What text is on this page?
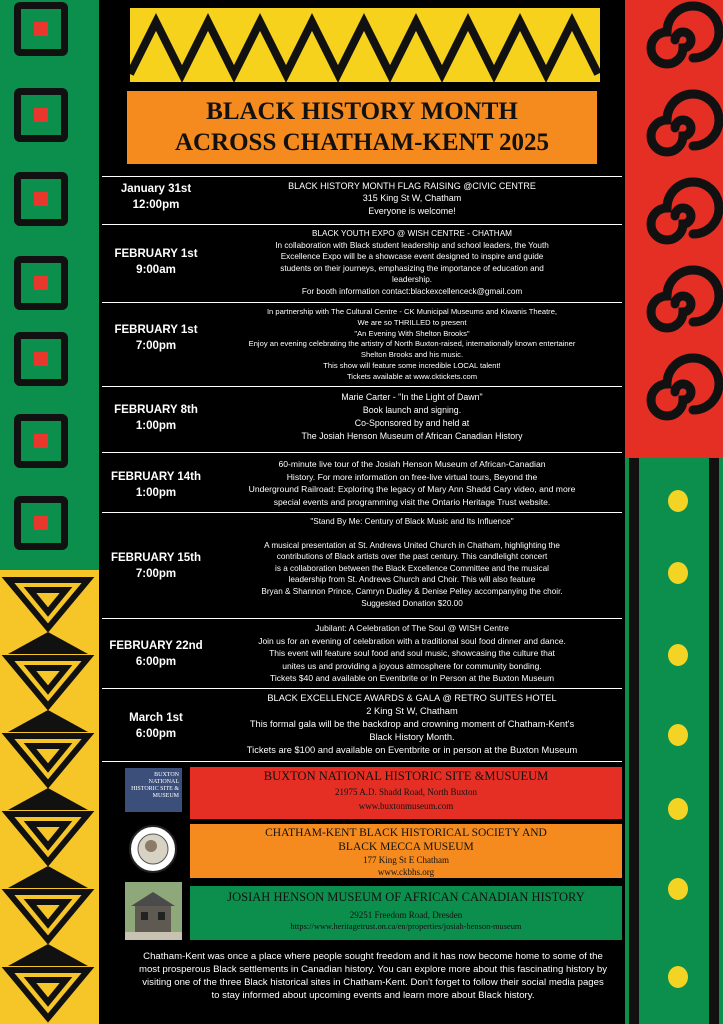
BLACK HISTORY MONTH
ACROSS CHATHAM-KENT 2025
January 31st
12:00pm
BLACK HISTORY MONTH FLAG RAISING @CIVIC CENTRE
315 King St W, Chatham
Everyone is welcome!
FEBRUARY 1st
9:00am
BLACK YOUTH EXPO @ WISH CENTRE - CHATHAM
In collaboration with Black student leadership and school leaders, the Youth
Excellence Expo will be a showcase event designed to inspire and guide
students on their journeys, emphasizing the importance of education and
leadership.
For booth information contact:blackexcellenceck@gmail.com
FEBRUARY 1st
7:00pm
In partnership with The Cultural Centre - CK Municipal Museums and Kiwanis Theatre,
We are so THRILLED to present
"An Evening With Shelton Brooks"
Enjoy an evening celebrating the artistry of North Buxton-raised, internationally known entertainer
Shelton Brooks and his music.
This show will feature some incredible LOCAL talent!
Tickets available at www.cktickets.com
FEBRUARY 8th
1:00pm
Marie Carter - "In the Light of Dawn"
Book launch and signing.
Co-Sponsored by and held at
The Josiah Henson Museum of African Canadian History
FEBRUARY 14th
1:00pm
60-minute live tour of the Josiah Henson Museum of African-Canadian
History. For more information on free-live virtual tours, Beyond the
Underground Railroad: Exploring the legacy of Mary Ann Shadd Cary video, and more
special events and programming visit the Ontario Heritage Trust website.
FEBRUARY 15th
7:00pm
"Stand By Me: Century of Black Music and Its Influence"
A musical presentation at St. Andrews United Church in Chatham, highlighting the
contributions of Black artists over the past century. This candlelight concert
is a collaboration between the Black Excellence Committee and the musical
leadership from St. Andrews Church and Choir. This will also feature
Bryan & Shannon Prince, Camryn Dudley & Denise Pelley accompanying the choir.
Suggested Donation $20.00
FEBRUARY 22nd
6:00pm
Jubilant: A Celebration of The Soul @ WISH Centre
Join us for an evening of celebration with a traditional soul food dinner and dance.
This event will feature soul food and soul music, showcasing the culture that
unites us and providing a joyous atmosphere for community bonding.
Tickets $40 and available on Eventbrite or In Person at the Buxton Museum
March 1st
6:00pm
BLACK EXCELLENCE AWARDS & GALA @ RETRO SUITES HOTEL
2 King St W, Chatham
This formal gala will be the backdrop and crowning moment of Chatham-Kent's
Black History Month.
Tickets are $100 and available on Eventbrite or in person at the Buxton Museum
BUXTON NATIONAL HISTORIC SITE & MUSEUM
BUXTON NATIONAL HISTORIC SITE &MUSUEUM
21975 A.D. Shadd Road, North Buxton
www.buxtonmuseum.com
CHATHAM-KENT BLACK HISTORICAL SOCIETY AND
BLACK MECCA MUSEUM
177 King St E Chatham
www.ckbhs.org
JOSIAH HENSON MUSEUM OF AFRICAN CANADIAN HISTORY
29251 Freedom Road, Dresden
https://www.heritagetrust.on.ca/en/properties/josiah-henson-museum
Chatham-Kent was once a place where people sought freedom and it has now become home to some of the most prosperous Black settlements in Canadian history. You can explore more about this fascinating history by visiting one of the three Black historical sites in Chatham-Kent. Don't forget to follow their social media pages to stay informed about upcoming events and learn more about Black history.
